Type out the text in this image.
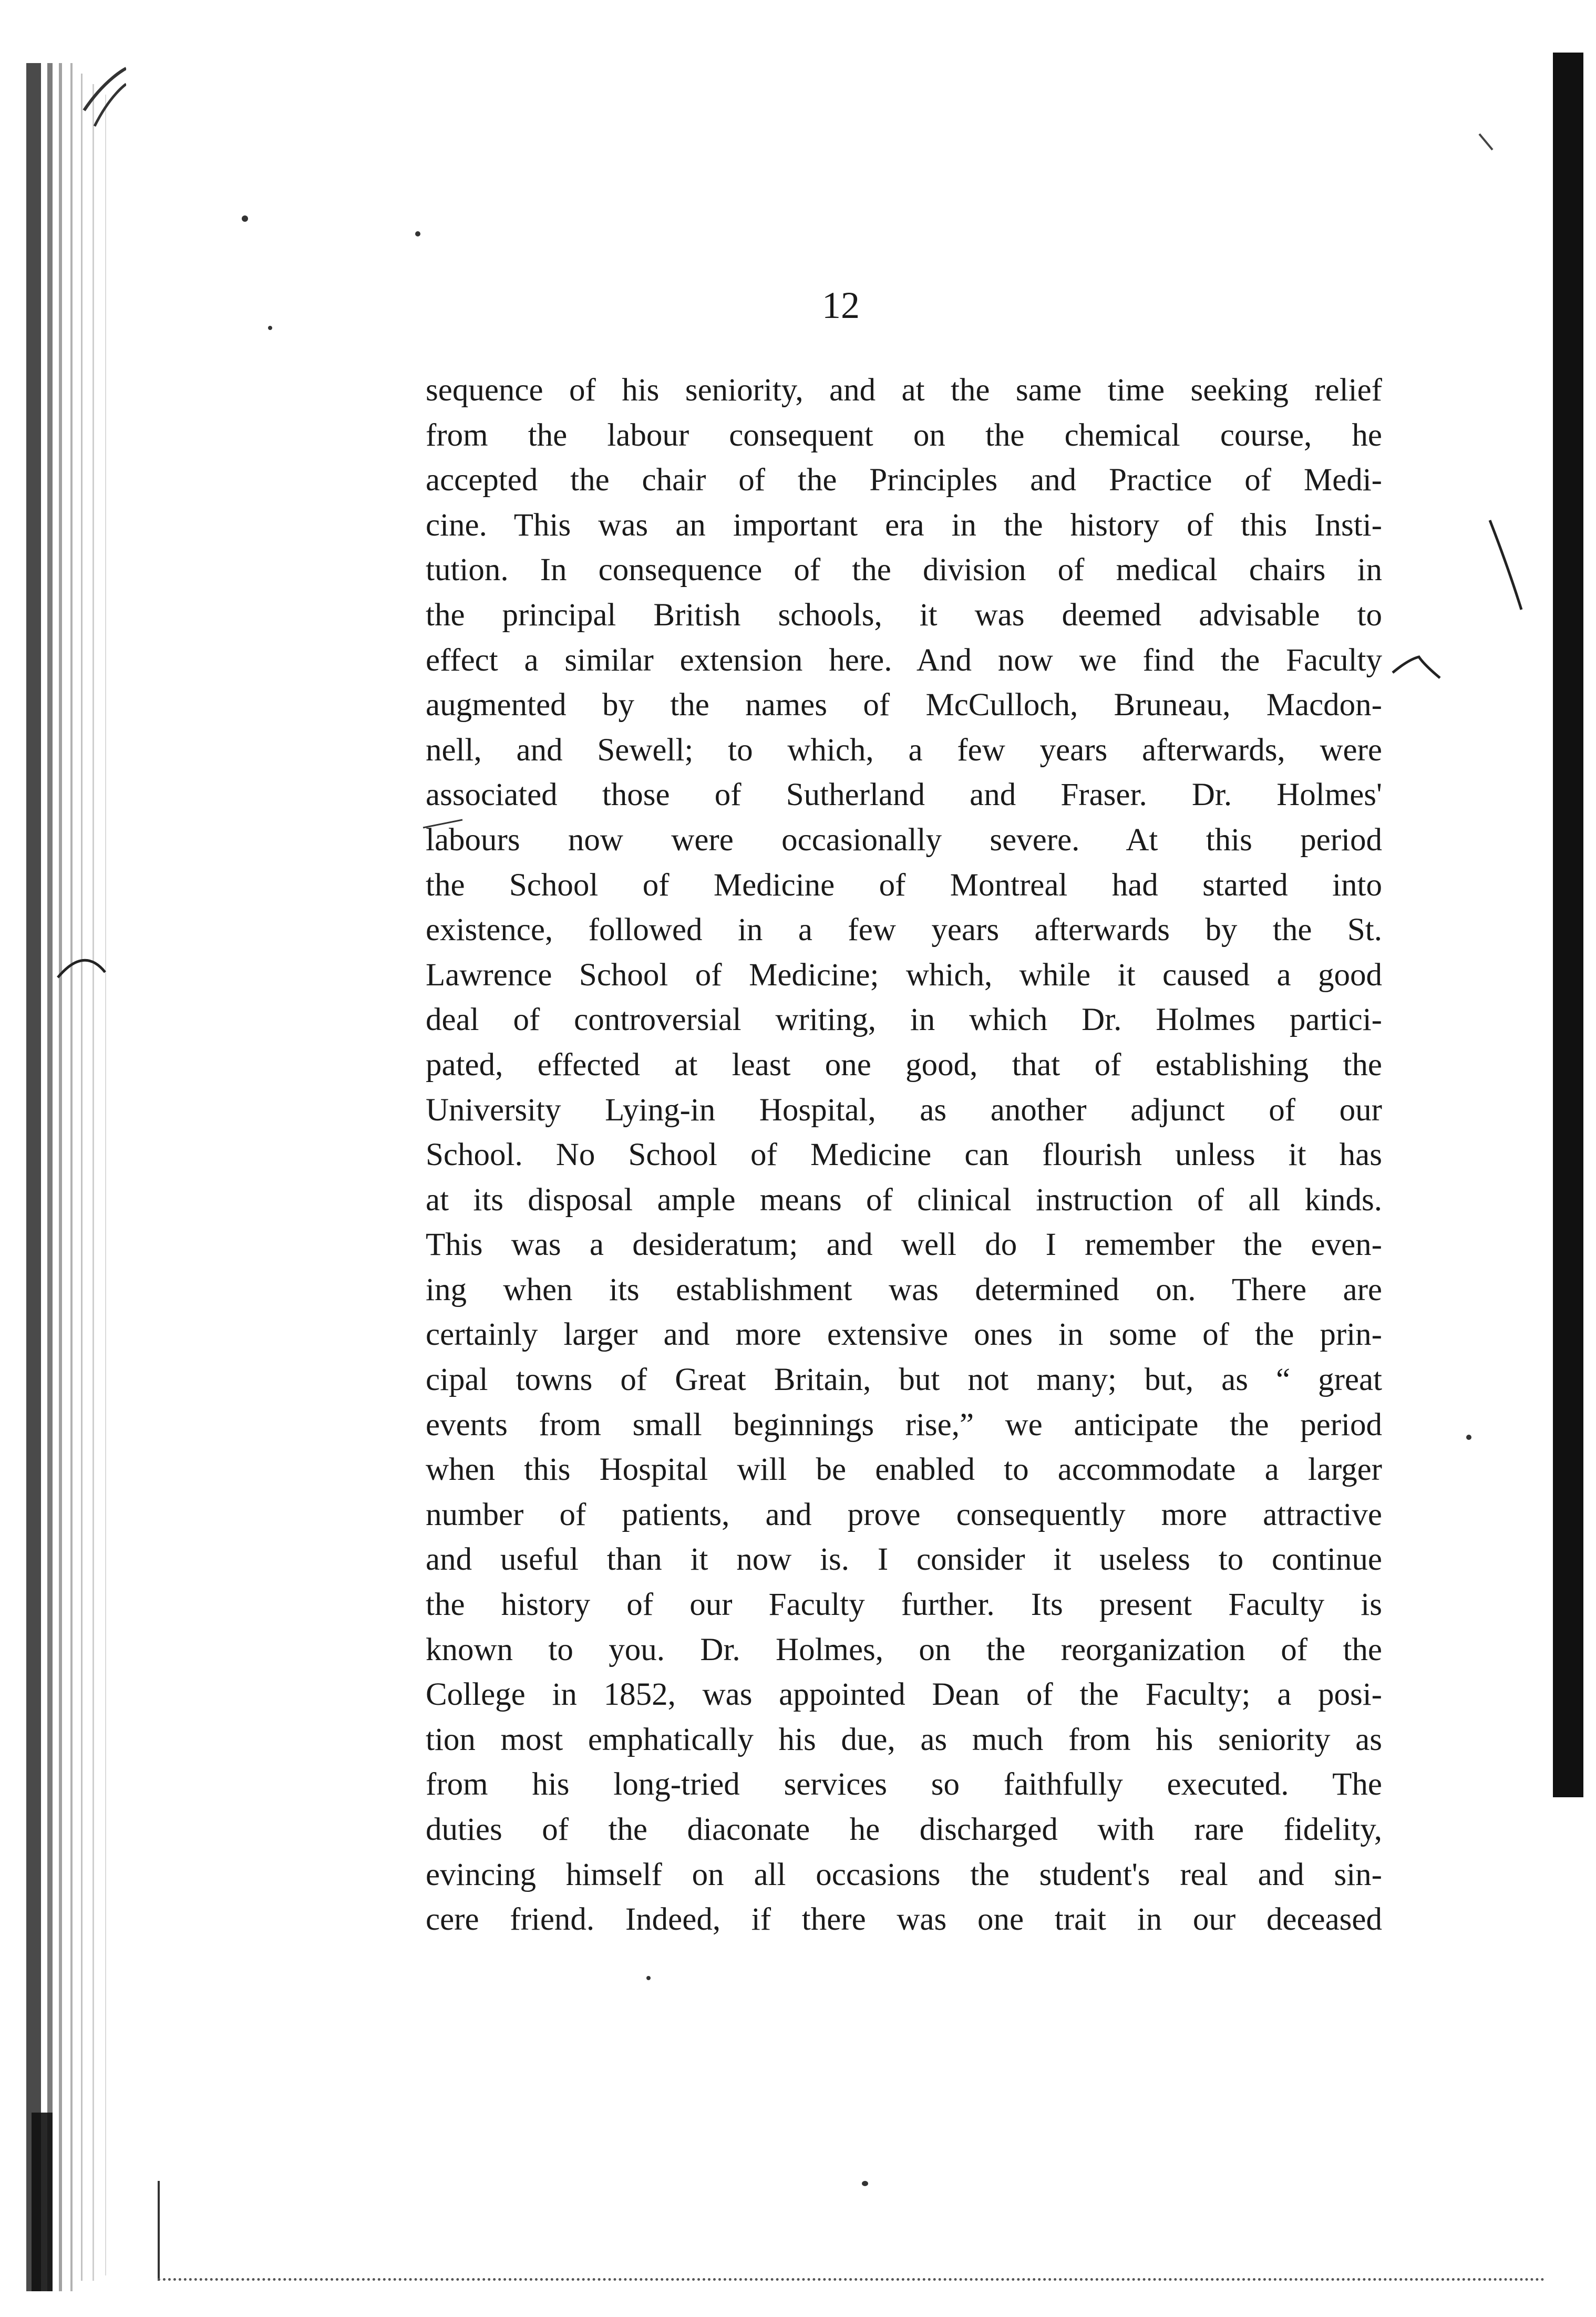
12
sequence of his seniority, and at the same time seeking relief
from the labour consequent on the chemical course, he
accepted the chair of the Principles and Practice of Medi-
cine. This was an important era in the history of this Insti-
tution. In consequence of the division of medical chairs in
the principal British schools, it was deemed advisable to
effect a similar extension here. And now we find the Faculty
augmented by the names of McCulloch, Bruneau, Macdon-
nell, and Sewell; to which, a few years afterwards, were
associated those of Sutherland and Fraser. Dr. Holmes'
labours now were occasionally severe. At this period
the School of Medicine of Montreal had started into
existence, followed in a few years afterwards by the St.
Lawrence School of Medicine; which, while it caused a good
deal of controversial writing, in which Dr. Holmes partici-
pated, effected at least one good, that of establishing the
University Lying-in Hospital, as another adjunct of our
School. No School of Medicine can flourish unless it has
at its disposal ample means of clinical instruction of all kinds.
This was a desideratum; and well do I remember the even-
ing when its establishment was determined on. There are
certainly larger and more extensive ones in some of the prin-
cipal towns of Great Britain, but not many; but, as “ great
events from small beginnings rise,” we anticipate the period
when this Hospital will be enabled to accommodate a larger
number of patients, and prove consequently more attractive
and useful than it now is. I consider it useless to continue
the history of our Faculty further. Its present Faculty is
known to you. Dr. Holmes, on the reorganization of the
College in 1852, was appointed Dean of the Faculty; a posi-
tion most emphatically his due, as much from his seniority as
from his long-tried services so faithfully executed. The
duties of the diaconate he discharged with rare fidelity,
evincing himself on all occasions the student's real and sin-
cere friend. Indeed, if there was one trait in our deceased
